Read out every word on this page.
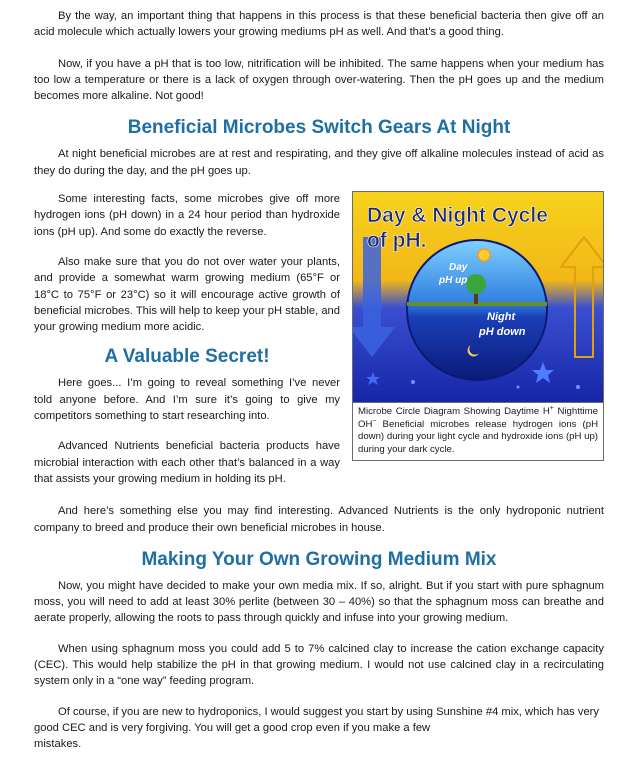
By the way, an important thing that happens in this process is that these beneficial bacteria then give off an acid molecule which actually lowers your growing mediums pH as well. And that’s a good thing.

Now, if you have a pH that is too low, nitrification will be inhibited. The same happens when your medium has too low a temperature or there is a lack of oxygen through over-watering. Then the pH goes up and the medium becomes more alkaline. Not good!

Beneficial Microbes Switch Gears At Night

At night beneficial microbes are at rest and respirating, and they give off alkaline molecules instead of acid as they do during the day, and the pH goes up.

Day & Night Cycle
of pH.
Day
pH up
Night
pH down
Microbe Circle Diagram Showing Daytime H+ Nighttime OH− Beneficial microbes release hydrogen ions (pH down) during your light cycle and hydroxide ions (pH up) during your dark cycle.

Some interesting facts, some microbes give off more hydrogen ions (pH down) in a 24 hour period than hydroxide ions (pH up). And some do exactly the reverse.

Also make sure that you do not over water your plants, and provide a somewhat warm growing medium (65°F or 18°C to 75°F or 23°C) so it will encourage active growth of beneficial microbes. This will help to keep your pH stable, and your growing medium more acidic.

A Valuable Secret!

Here goes... I’m going to reveal something I’ve never told anyone before. And I’m sure it’s going to give my competitors something to start researching into.

Advanced Nutrients beneficial bacteria products have microbial interaction with each other that’s balanced in a way that assists your growing medium in holding its pH.

And here’s something else you may find interesting. Advanced Nutrients is the only hydroponic nutrient company to breed and produce their own beneficial microbes in house.

Making Your Own Growing Medium Mix

Now, you might have decided to make your own media mix. If so, alright. But if you start with pure sphagnum moss, you will need to add at least 30% perlite (between 30 – 40%) so that the sphagnum moss can breathe and aerate properly, allowing the roots to pass through quickly and infuse into your growing medium.

When using sphagnum moss you could add 5 to 7% calcined clay to increase the cation exchange capacity (CEC). This would help stabilize the pH in that growing medium. I would not use calcined clay in a recirculating system only in a “one way” feeding program.

Of course, if you are new to hydroponics, I would suggest you start by using Sunshine #4 mix, which has very good CEC and is very forgiving. You will get a good crop even if you make a few

mistakes.
